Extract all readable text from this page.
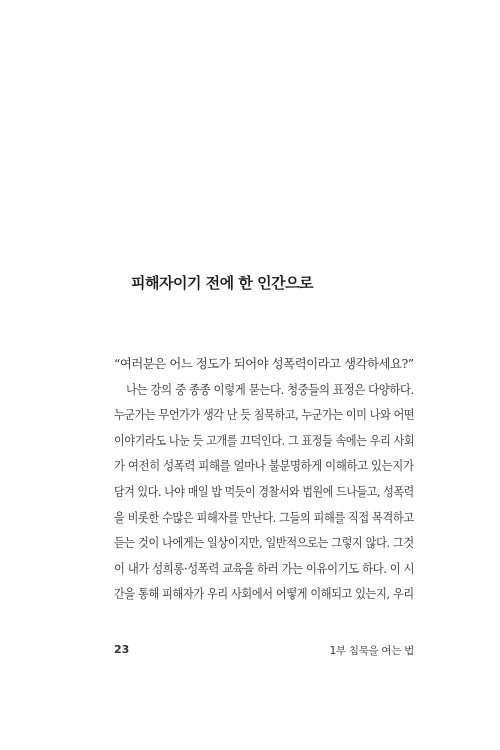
피해자이기 전에 한 인간으로
“여러분은 어느 정도가 되어야 성폭력이라고 생각하세요?”
나는 강의 중 종종 이렇게 묻는다. 청중들의 표정은 다양하다.
누군가는 무언가가 생각 난 듯 침묵하고, 누군가는 이미 나와 어떤
이야기라도 나눈 듯 고개를 끄덕인다. 그 표정들 속에는 우리 사회
가 여전히 성폭력 피해를 얼마나 불분명하게 이해하고 있는지가
담겨 있다. 나야 매일 밥 먹듯이 경찰서와 법원에 드나들고, 성폭력
을 비롯한 수많은 피해자를 만난다. 그들의 피해를 직접 목격하고
듣는 것이 나에게는 일상이지만, 일반적으로는 그렇지 않다. 그것
이 내가 성희롱·성폭력 교육을 하러 가는 이유이기도 하다. 이 시
간을 통해 피해자가 우리 사회에서 어떻게 이해되고 있는지, 우리
23	1부 침묵을 여는 법
